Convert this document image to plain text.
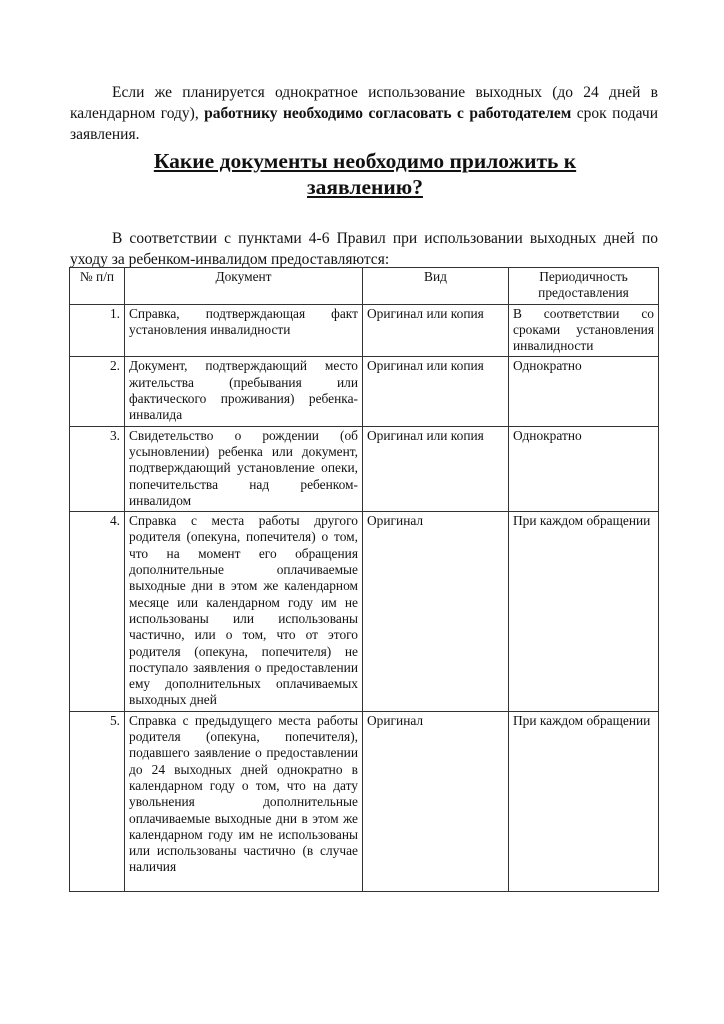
Если же планируется однократное использование выходных (до 24 дней в календарном году), работнику необходимо согласовать с работодателем срок подачи заявления.

Какие документы необходимо приложить к заявлению?

В соответствии с пунктами 4-6 Правил при использовании выходных дней по уходу за ребенком-инвалидом предоставляются:

№ п/п	Документ	Вид	Периодичность предоставления
1.	Справка, подтверждающая факт установления инвалидности	Оригинал или копия	В соответствии со сроками установления инвалидности
2.	Документ, подтверждающий место жительства (пребывания или фактического проживания) ребенка-инвалида	Оригинал или копия	Однократно
3.	Свидетельство о рождении (об усыновлении) ребенка или документ, подтверждающий установление опеки, попечительства над ребенком-инвалидом	Оригинал или копия	Однократно
4.	Справка с места работы другого родителя (опекуна, попечителя) о том, что на момент его обращения дополнительные оплачиваемые выходные дни в этом же календарном месяце или календарном году им не использованы или использованы частично, или о том, что от этого родителя (опекуна, попечителя) не поступало заявления о предоставлении ему дополнительных оплачиваемых выходных дней	Оригинал	При каждом обращении
5.	Справка с предыдущего места работы родителя (опекуна, попечителя), подавшего заявление о предоставлении до 24 выходных дней однократно в календарном году о том, что на дату увольнения дополнительные оплачиваемые выходные дни в этом же календарном году им не использованы или использованы частично (в случае наличия	Оригинал	При каждом обращении
